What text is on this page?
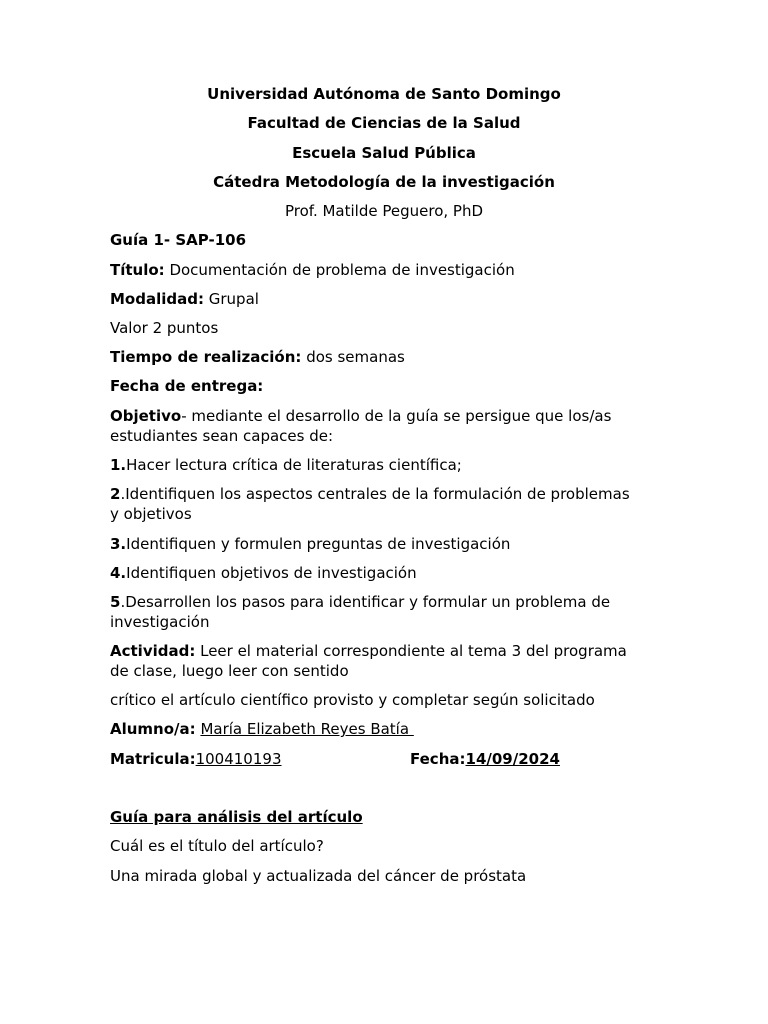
Universidad Autónoma de Santo Domingo
Facultad de Ciencias de la Salud
Escuela Salud Pública
Cátedra Metodología de la investigación
Prof. Matilde Peguero, PhD
Guía 1- SAP-106
Título: Documentación de problema de investigación
Modalidad: Grupal
Valor 2 puntos
Tiempo de realización: dos semanas
Fecha de entrega:
Objetivo- mediante el desarrollo de la guía se persigue que los/as
estudiantes sean capaces de:
1.Hacer lectura crítica de literaturas científica;
2.Identifiquen los aspectos centrales de la formulación de problemas
y objetivos
3.Identifiquen y formulen preguntas de investigación
4.Identifiquen objetivos de investigación
5.Desarrollen los pasos para identificar y formular un problema de
investigación
Actividad: Leer el material correspondiente al tema 3 del programa
de clase, luego leer con sentido
crítico el artículo científico provisto y completar según solicitado
Alumno/a: María Elizabeth Reyes Batía
Matricula:100410193	Fecha:14/09/2024
Guía para análisis del artículo
Cuál es el título del artículo?
Una mirada global y actualizada del cáncer de próstata
